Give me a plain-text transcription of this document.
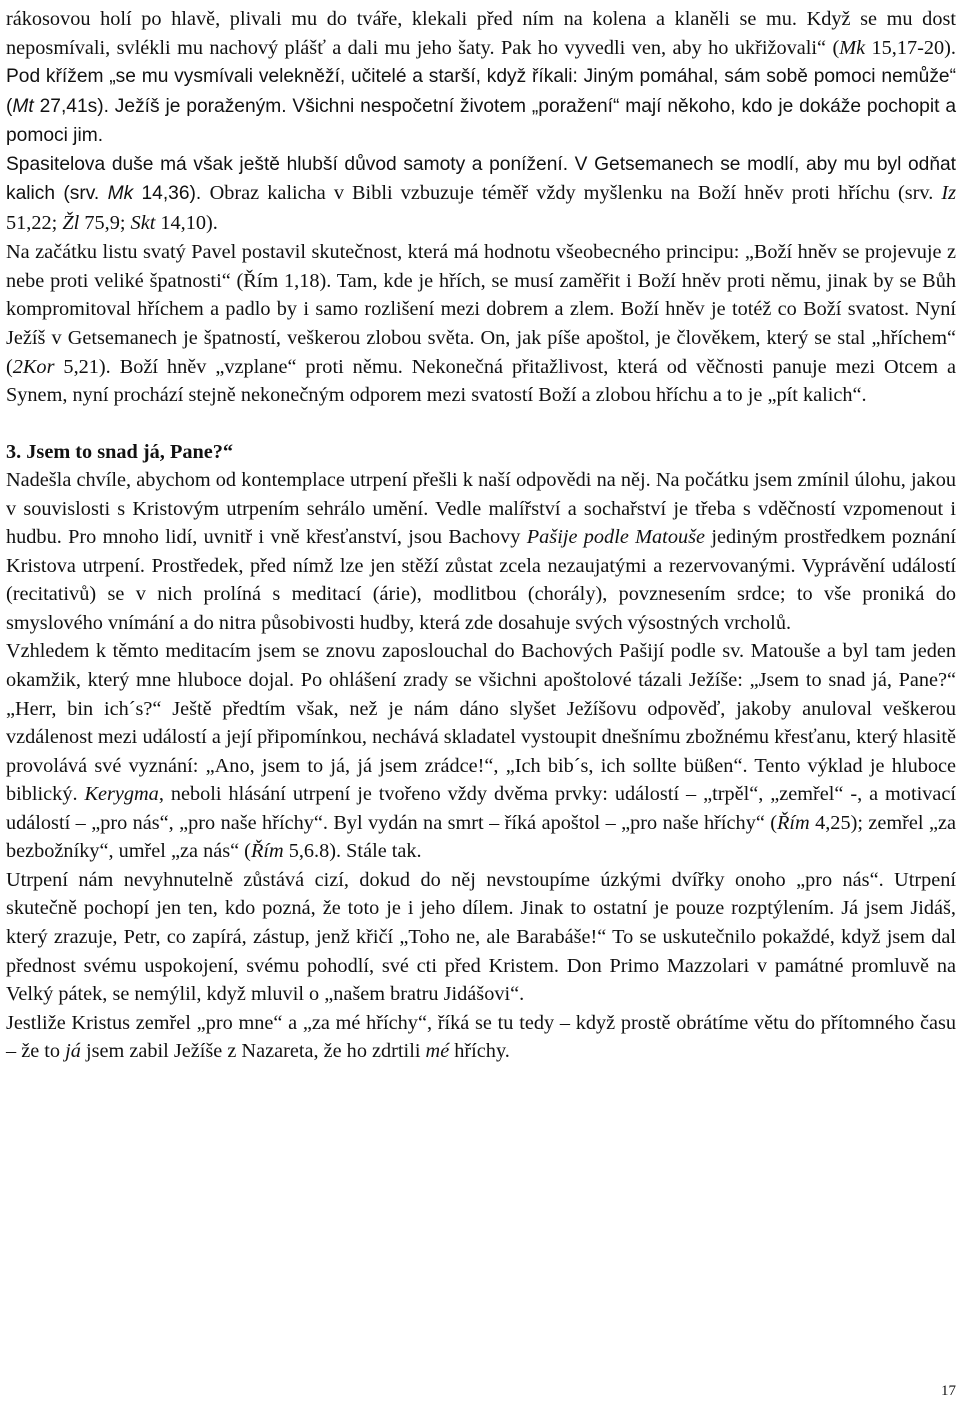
rákosovou holí po hlavě, plivali mu do tváře, klekali před ním na kolena a klaněli se mu. Když se mu dost neposmívali, svlékli mu nachový plášť a dali mu jeho šaty. Pak ho vyvedli ven, aby ho ukřižovali“ (Mk 15,17-20). Pod křížem „se mu vysmívali velekněží, učitelé a starší, když říkali: Jiným pomáhal, sám sobě pomoci nemůže“ (Mt 27,41s). Ježíš je poraženým. Všichni nespočetní životem „poražení“ mají někoho, kdo je dokáže pochopit a pomoci jim.

Spasitelova duše má však ještě hlubší důvod samoty a ponížení. V Getsemanech se modlí, aby mu byl odňat kalich (srv. Mk 14,36). Obraz kalicha v Bibli vzbuzuje téměř vždy myšlenku na Boží hněv proti hříchu (srv. Iz 51,22; Žl 75,9; Skt 14,10).

Na začátku listu svatý Pavel postavil skutečnost, která má hodnotu všeobecného principu: „Boží hněv se projevuje z nebe proti veliké špatnosti“ (Řím 1,18). Tam, kde je hřích, se musí zaměřit i Boží hněv proti němu, jinak by se Bůh kompromitoval hříchem a padlo by i samo rozlišení mezi dobrem a zlem. Boží hněv je totéž co Boží svatost. Nyní Ježíš v Getsemanech je špatností, veškerou zlobou světa. On, jak píše apoštol, je člověkem, který se stal „hříchem“ (2Kor 5,21). Boží hněv „vzplane“ proti němu. Nekonečná přitažlivost, která od věčnosti panuje mezi Otcem a Synem, nyní prochází stejně nekonečným odporem mezi svatostí Boží a zlobou hříchu a to je „pít kalich“.

3. Jsem to snad já, Pane?“

Nadešla chvíle, abychom od kontemplace utrpení přešli k naší odpovědi na něj. Na počátku jsem zmínil úlohu, jakou v souvislosti s Kristovým utrpením sehrálo umění. Vedle malířství a sochařství je třeba s vděčností vzpomenout i hudbu. Pro mnoho lidí, uvnitř i vně křesťanství, jsou Bachovy Pašije podle Matouše jediným prostředkem poznání Kristova utrpení. Prostředek, před nímž lze jen stěží zůstat zcela nezaujatými a rezervovanými. Vyprávění událostí (recitativů) se v nich prolíná s meditací (árie), modlitbou (chorály), povznesením srdce; to vše proniká do smyslového vnímání a do nitra působivosti hudby, která zde dosahuje svých výsostných vrcholů.

Vzhledem k těmto meditacím jsem se znovu zaposlouchal do Bachových Pašijí podle sv. Matouše a byl tam jeden okamžik, který mne hluboce dojal. Po ohlášení zrady se všichni apoštolové tázali Ježíše: „Jsem to snad já, Pane?“ „Herr, bin ich´s?“ Ještě předtím však, než je nám dáno slyšet Ježíšovu odpověď, jakoby anuloval veškerou vzdálenost mezi událostí a její připomínkou, nechává skladatel vystoupit dnešnímu zbožnému křesťanu, který hlasitě provolává své vyznání: „Ano, jsem to já, já jsem zrádce!“, „Ich bib´s, ich sollte büßen“. Tento výklad je hluboce biblický. Kerygma, neboli hlásání utrpení je tvořeno vždy dvěma prvky: událostí – „trpěl“, „zemřel“ -, a motivací událostí – „pro nás“, „pro naše hříchy“. Byl vydán na smrt – říká apoštol – „pro naše hříchy“ (Řím 4,25); zemřel „za bezbožníky“, umřel „za nás“ (Řím 5,6.8). Stále tak.

Utrpení nám nevyhnutelně zůstává cizí, dokud do něj nevstoupíme úzkými dvířky onoho „pro nás“. Utrpení skutečně pochopí jen ten, kdo pozná, že toto je i jeho dílem. Jinak to ostatní je pouze rozptýlením. Já jsem Jidáš, který zrazuje, Petr, co zapírá, zástup, jenž křičí „Toho ne, ale Barabáše!“ To se uskutečnilo pokaždé, když jsem dal přednost svému uspokojení, svému pohodlí, své cti před Kristem. Don Primo Mazzolari v památné promluvě na Velký pátek, se nemýlil, když mluvil o „našem bratru Jidášovi“.

Jestliže Kristus zemřel „pro mne“ a „za mé hříchy“, říká se tu tedy – když prostě obrátíme větu do přítomného času – že to já jsem zabil Ježíše z Nazareta, že ho zdrtili mé hříchy.

17
